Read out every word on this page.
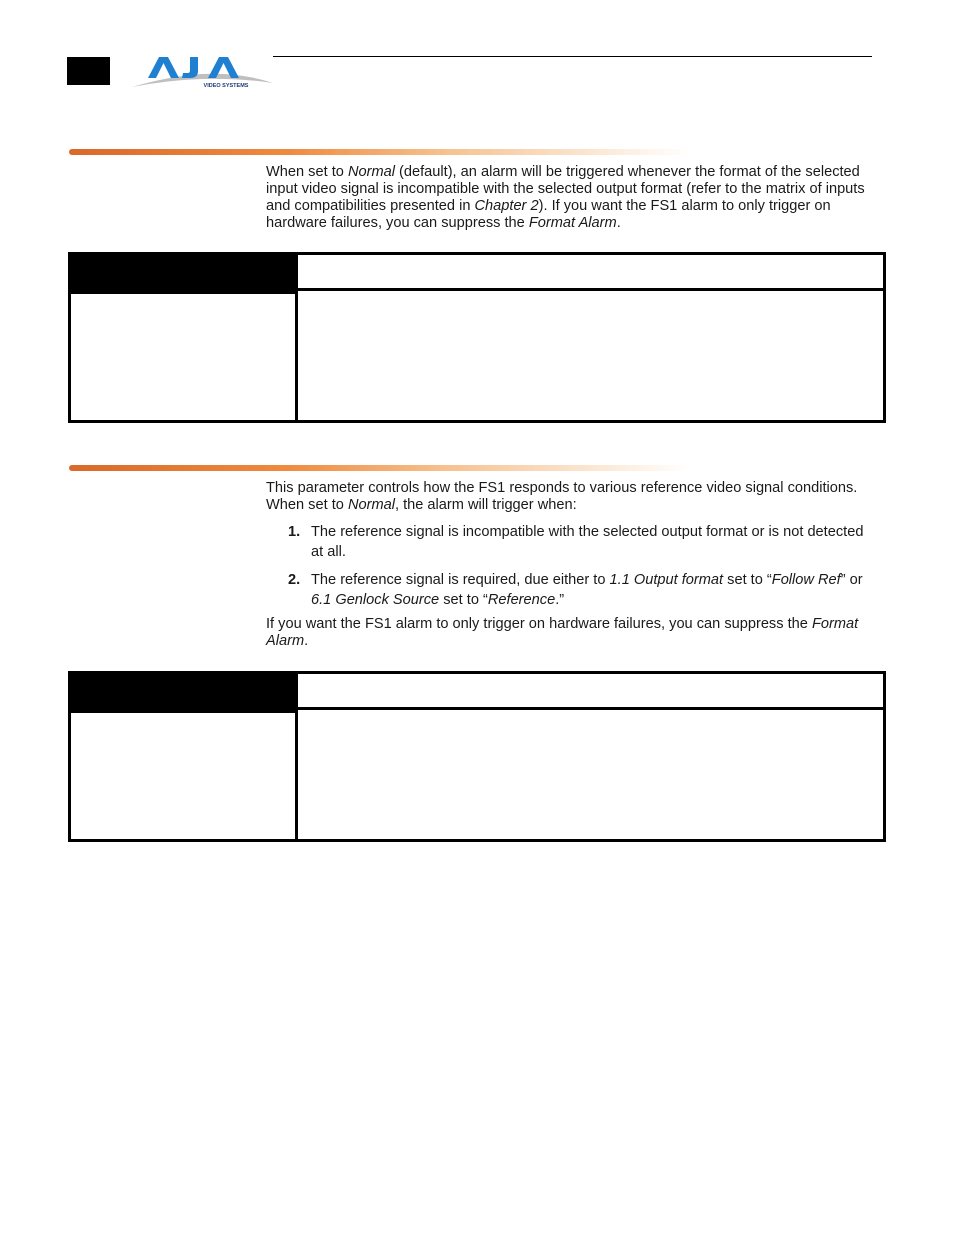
VIDEO SYSTEMS
When set to Normal (default), an alarm will be triggered whenever the format of the selected input video signal is incompatible with the selected output format (refer to the matrix of inputs and compatibilities presented in Chapter 2). If you want the FS1 alarm to only trigger on hardware failures, you can suppress the Format Alarm.
This parameter controls how the FS1 responds to various reference video signal conditions. When set to Normal, the alarm will trigger when:
1. The reference signal is incompatible with the selected output format or is not detected at all.
2. The reference signal is required, due either to 1.1 Output format set to “Follow Ref” or 6.1 Genlock Source set to “Reference.”
If you want the FS1 alarm to only trigger on hardware failures, you can suppress the Format Alarm.
